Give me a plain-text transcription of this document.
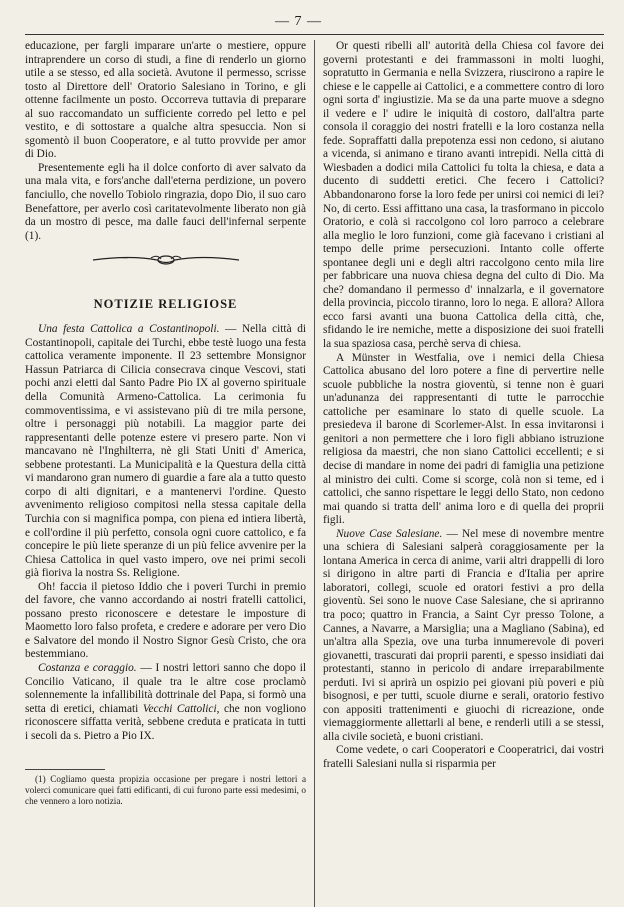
— 7 —

educazione, per fargli imparare un'arte o mestiere, oppure intraprendere un corso di studi, a fine di renderlo un giorno utile a se stesso, ed alla società. Avutone il permesso, scrisse tosto al Direttore dell' Oratorio Salesiano in Torino, e gli ottenne facilmente un posto. Occorreva tuttavia di preparare al suo raccomandato un sufficiente corredo pel letto e pel vestito, e di sottostare a qualche altra spesuccia. Non si sgomentò il buon Cooperatore, e al tutto provvide per amor di Dio.

Presentemente egli ha il dolce conforto di aver salvato da una mala vita, e fors'anche dall'eterna perdizione, un povero fanciullo, che novello Tobiolo ringrazia, dopo Dio, il suo caro Benefattore, per averlo così caritatevolmente liberato non già da un mostro di pesce, ma dalle fauci dell'infernal serpente (1).

NOTIZIE RELIGIOSE

Una festa Cattolica a Costantinopoli. — Nella città di Costantinopoli, capitale dei Turchi, ebbe testè luogo una festa cattolica veramente imponente. Il 23 settembre Monsignor Hassun Patriarca di Cilicia consecrava cinque Vescovi, stati pochi anzi eletti dal Santo Padre Pio IX al governo spirituale della Comunità Armeno-Cattolica. La cerimonia fu commoventissima, e vi assistevano più di tre mila persone, oltre i personaggi più notabili. La maggior parte dei rappresentanti delle potenze estere vi presero parte. Non vi mancavano nè l'Inghilterra, nè gli Stati Uniti d' America, sebbene protestanti. La Municipalità e la Questura della città vi mandarono gran numero di guardie a fare ala a tutto questo corpo di alti dignitari, e a mantenervi l'ordine. Questo avvenimento religioso compitosi nella stessa capitale della Turchia con si magnifica pompa, con piena ed intiera libertà, e coll'ordine il più perfetto, consola ogni cuore cattolico, e fa concepire le più liete speranze di un più felice avvenire per la Chiesa Cattolica in quel vasto impero, ove nei primi secoli già fioriva la nostra Ss. Religione.

Oh! faccia il pietoso Iddio che i poveri Turchi in premio del favore, che vanno accordando ai nostri fratelli cattolici, possano presto riconoscere e detestare le imposture di Maometto loro falso profeta, e credere e adorare per vero Dio e Salvatore del mondo il Nostro Signor Gesù Cristo, che ora bestemmiano.

Costanza e coraggio. — I nostri lettori sanno che dopo il Concilio Vaticano, il quale tra le altre cose proclamò solennemente la infallibilità dottrinale del Papa, si formò una setta di eretici, chiamati Vecchi Cattolici, che non vogliono riconoscere siffatta verità, sebbene creduta e praticata in tutti i secoli da s. Pietro a Pio IX.

(1) Cogliamo questa propizia occasione per pregare i nostri lettori a volerci comunicare quei fatti edificanti, di cui furono parte essi medesimi, o che vennero a loro notizia.

Or questi ribelli all' autorità della Chiesa col favore dei governi protestanti e dei frammassoni in molti luoghi, sopratutto in Germania e nella Svizzera, riuscirono a rapire le chiese e le cappelle ai Cattolici, e a commettere contro di loro ogni sorta d' ingiustizie. Ma se da una parte muove a sdegno il vedere e l' udire le iniquità di costoro, dall'altra parte consola il coraggio dei nostri fratelli e la loro costanza nella fede. Sopraffatti dalla prepotenza essi non cedono, si aiutano a vicenda, si animano e tirano avanti intrepidi. Nella città di Wiesbaden a dodici mila Cattolici fu tolta la chiesa, e data a ducento di suddetti eretici. Che fecero i Cattolici? Abbandonarono forse la loro fede per unirsi coi nemici di lei? No, di certo. Essi affittano una casa, la trasformano in piccolo Oratorio, e colà si raccolgono col loro parroco a celebrare alla meglio le loro funzioni, come già facevano i cristiani al tempo delle prime persecuzioni. Intanto colle offerte spontanee degli uni e degli altri raccolgono cento mila lire per fabbricare una nuova chiesa degna del culto di Dio. Ma che? domandano il permesso d' innalzarla, e il governatore della provincia, piccolo tiranno, loro lo nega. E allora? Allora ecco farsi avanti una buona Cattolica della città, che, sfidando le ire nemiche, mette a disposizione dei suoi fratelli la sua spaziosa casa, perchè serva di chiesa.

A Münster in Westfalia, ove i nemici della Chiesa Cattolica abusano del loro potere a fine di pervertire nelle scuole pubbliche la nostra gioventù, si tenne non è guari un'adunanza dei rappresentanti di tutte le parrocchie cattoliche per esaminare lo stato di quelle scuole. La presiedeva il barone di Scorlemer-Alst. In essa invitaronsi i genitori a non permettere che i loro figli abbiano istruzione religiosa da maestri, che non siano Cattolici eccellenti; e si decise di mandare in nome dei padri di famiglia una petizione al ministro dei culti. Come si scorge, colà non si teme, ed i cattolici, che sanno rispettare le leggi dello Stato, non cedono mai quando si tratta dell' anima loro e di quella dei proprii figli.

Nuove Case Salesiane. — Nel mese di novembre mentre una schiera di Salesiani salperà coraggiosamente per la lontana America in cerca di anime, varii altri drappelli di loro si dirigono in altre parti di Francia e d'Italia per aprire laboratori, collegi, scuole ed oratori festivi a pro della gioventù. Sei sono le nuove Case Salesiane, che si apriranno tra poco; quattro in Francia, a Saint Cyr presso Tolone, a Cannes, a Navarre, a Marsiglia; una a Magliano (Sabina), ed un'altra alla Spezia, ove una turba innumerevole di poveri giovanetti, trascurati dai proprii parenti, e spesso insidiati dai protestanti, stanno in pericolo di andare irreparabilmente perduti. Ivi si aprirà un ospizio pei giovani più poveri e più bisognosi, e per tutti, scuole diurne e serali, oratorio festivo con appositi trattenimenti e giuochi di ricreazione, onde viemaggiormente allettarli al bene, e renderli utili a se stessi, alla civile società, e buoni cristiani.

Come vedete, o cari Cooperatori e Cooperatrici, dai vostri fratelli Salesiani nulla si risparmia per
